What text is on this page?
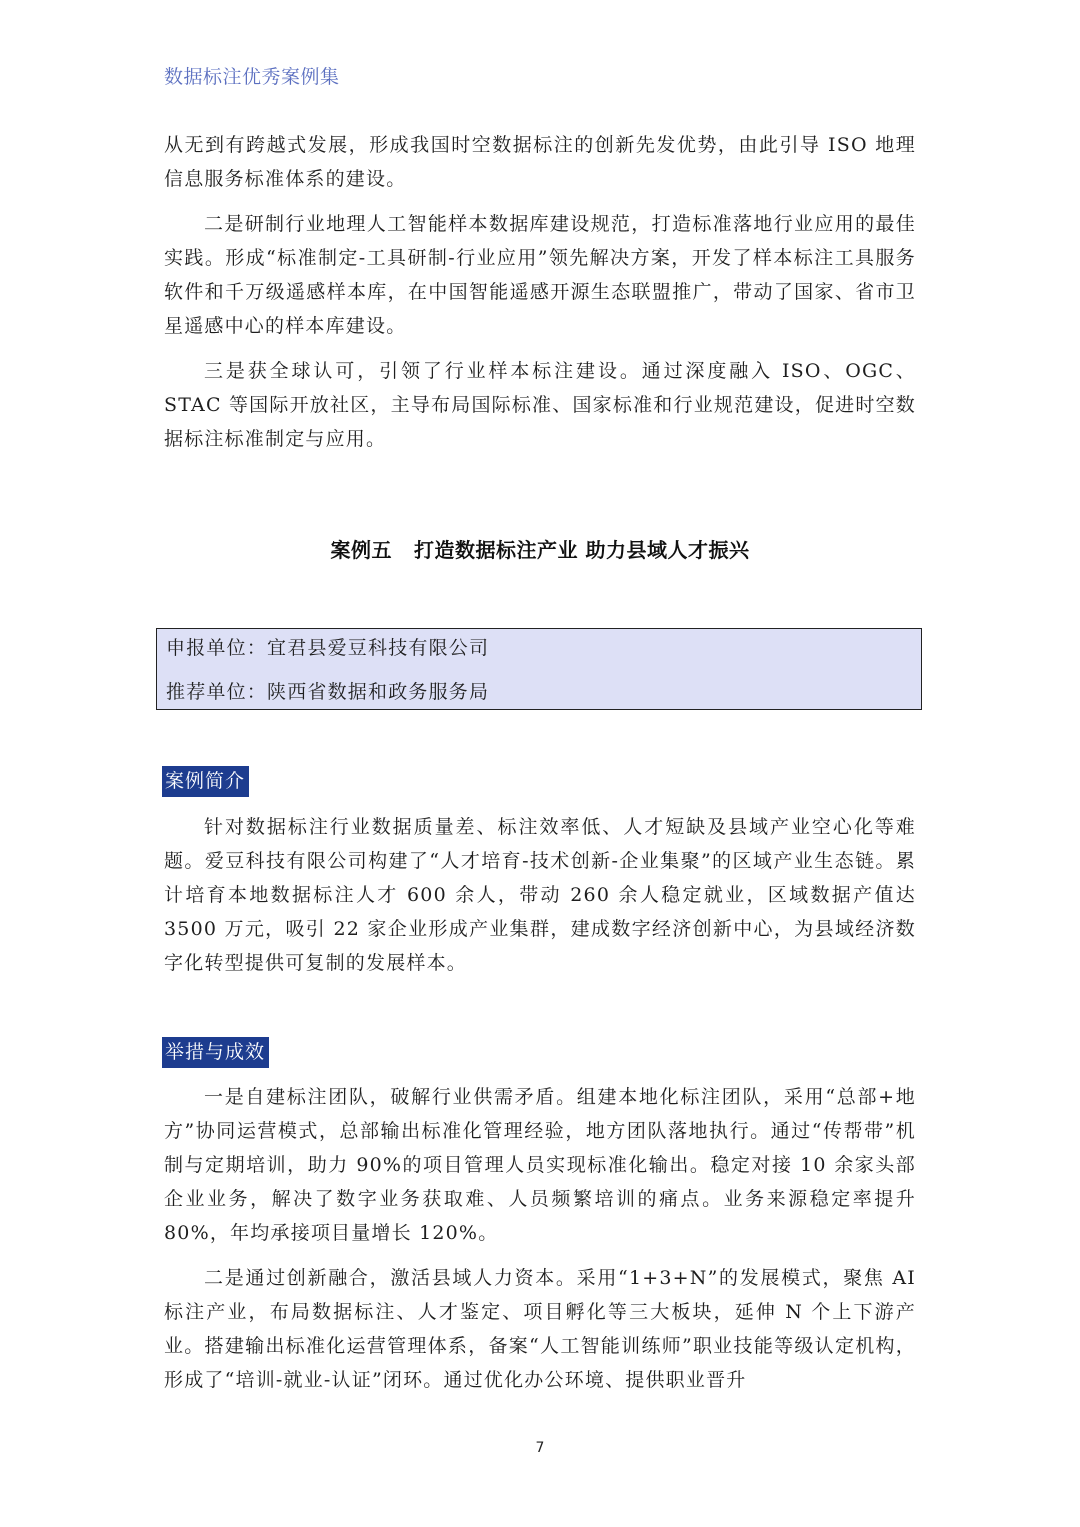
数据标注优秀案例集

从无到有跨越式发展，形成我国时空数据标注的创新先发优势，由此引导 ISO 地理信息服务标准体系的建设。

二是研制行业地理人工智能样本数据库建设规范，打造标准落地行业应用的最佳实践。形成“标准制定-工具研制-行业应用”领先解决方案，开发了样本标注工具服务软件和千万级遥感样本库，在中国智能遥感开源生态联盟推广，带动了国家、省市卫星遥感中心的样本库建设。

三是获全球认可，引领了行业样本标注建设。通过深度融入 ISO、OGC、STAC 等国际开放社区，主导布局国际标准、国家标准和行业规范建设，促进时空数据标注标准制定与应用。

案例五 打造数据标注产业 助力县域人才振兴
申报单位：宜君县爱豆科技有限公司
推荐单位：陕西省数据和政务服务局
案例简介

针对数据标注行业数据质量差、标注效率低、人才短缺及县域产业空心化等难题。爱豆科技有限公司构建了“人才培育-技术创新-企业集聚”的区域产业生态链。累计培育本地数据标注人才 600 余人，带动 260 余人稳定就业，区域数据产值达 3500 万元，吸引 22 家企业形成产业集群，建成数字经济创新中心，为县域经济数字化转型提供可复制的发展样本。

举措与成效

一是自建标注团队，破解行业供需矛盾。组建本地化标注团队，采用“总部+地方”协同运营模式，总部输出标准化管理经验，地方团队落地执行。通过“传帮带”机制与定期培训，助力 90%的项目管理人员实现标准化输出。稳定对接 10 余家头部企业业务，解决了数字业务获取难、人员频繁培训的痛点。业务来源稳定率提升 80%，年均承接项目量增长 120%。

二是通过创新融合，激活县域人力资本。采用“1+3+N”的发展模式，聚焦 AI 标注产业，布局数据标注、人才鉴定、项目孵化等三大板块，延伸 N 个上下游产业。搭建输出标准化运营管理体系，备案“人工智能训练师”职业技能等级认定机构，形成了“培训-就业-认证”闭环。通过优化办公环境、提供职业晋升

7
